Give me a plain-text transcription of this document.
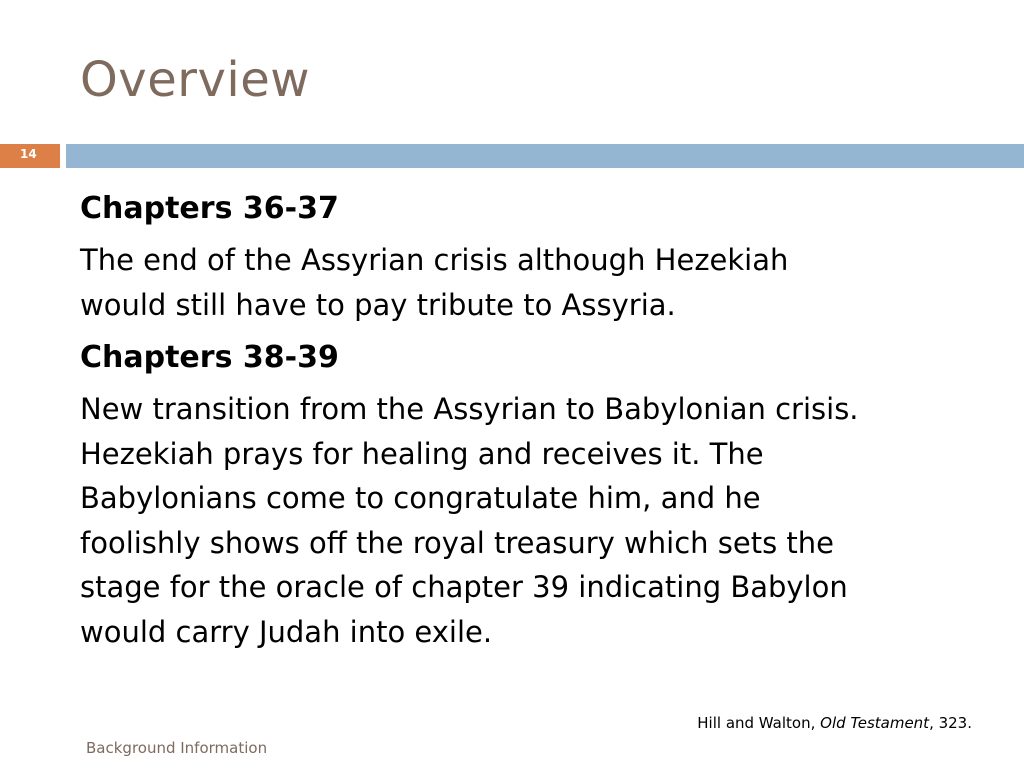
Overview
14
Chapters 36-37
The end of the Assyrian crisis although Hezekiah
would still have to pay tribute to Assyria.
Chapters 38-39
New transition from the Assyrian to Babylonian crisis.
Hezekiah prays for healing and receives it. The
Babylonians come to congratulate him, and he
foolishly shows off the royal treasury which sets the
stage for the oracle of chapter 39 indicating Babylon
would carry Judah into exile.
Hill and Walton, Old Testament, 323.
Background Information
